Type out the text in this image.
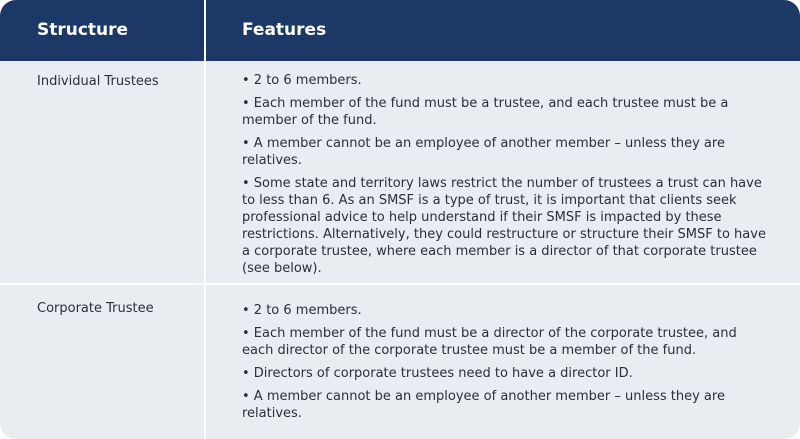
Structure	Features
Individual Trustees	• 2 to 6 members.

• Each member of the fund must be a trustee, and each trustee must be a member of the fund.

• A member cannot be an employee of another member – unless they are relatives.

• Some state and territory laws restrict the number of trustees a trust can have to less than 6. As an SMSF is a type of trust, it is important that clients seek professional advice to help understand if their SMSF is impacted by these restrictions. Alternatively, they could restructure or structure their SMSF to have a corporate trustee, where each member is a director of that corporate trustee (see below).

Corporate Trustee	• 2 to 6 members.

• Each member of the fund must be a director of the corporate trustee, and each director of the corporate trustee must be a member of the fund.

• Directors of corporate trustees need to have a director ID.

• A member cannot be an employee of another member – unless they are relatives.
